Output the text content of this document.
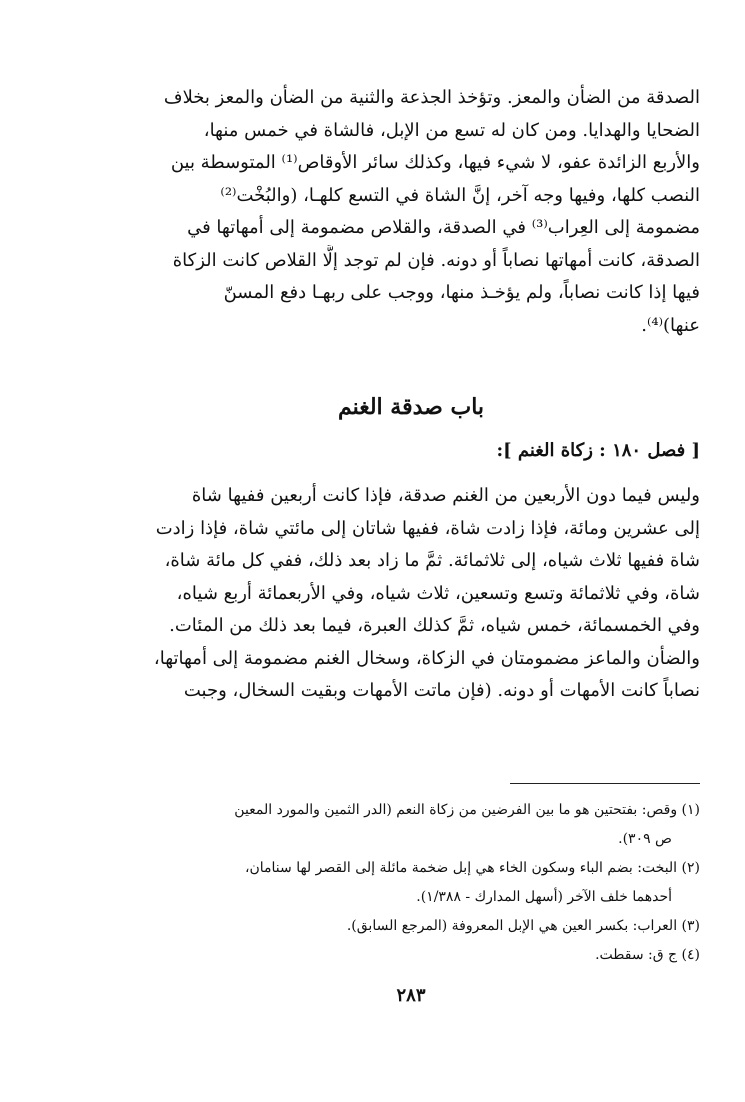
الصدقة من الضأن والمعز. وتؤخذ الجذعة والثنية من الضأن والمعز بخلاف
الضحايا والهدايا. ومن كان له تسع من الإبل، فالشاة في خمس منها،
والأربع الزائدة عفو، لا شيء فيها، وكذلك سائر الأوقاص⁽¹⁾ المتوسطة بين
النصب كلها، وفيها وجه آخر، إنَّ الشاة في التسع كلهـا، (والبُخْت⁽²⁾
مضمومة إلى العِراب⁽³⁾ في الصدقة، والقلاص مضمومة إلى أمهاتها في
الصدقة، كانت أمهاتها نصاباً أو دونه. فإن لم توجد إلَّا القلاص كانت الزكاة
فيها إذا كانت نصاباً، ولم يؤخـذ منها، ووجب على ربهـا دفع المسنّ
عنها)⁽⁴⁾.
باب صدقة الغنم
[ فصل ١٨٠ : زكاة الغنم ]:
وليس فيما دون الأربعين من الغنم صدقة، فإذا كانت أربعين ففيها شاة
إلى عشرين ومائة، فإذا زادت شاة، ففيها شاتان إلى مائتي شاة، فإذا زادت
شاة ففيها ثلاث شياه، إلى ثلاثمائة. ثمَّ ما زاد بعد ذلك، ففي كل مائة شاة،
شاة، وفي ثلاثمائة وتسع وتسعين، ثلاث شياه، وفي الأربعمائة أربع شياه،
وفي الخمسمائة، خمس شياه، ثمَّ كذلك العبرة، فيما بعد ذلك من المئات.
والضأن والماعز مضمومتان في الزكاة، وسخال الغنم مضمومة إلى أمهاتها،
نصاباً كانت الأمهات أو دونه. (فإن ماتت الأمهات وبقيت السخال، وجبت
(١) وقص: بفتحتين هو ما بين الفرضين من زكاة النعم (الدر الثمين والمورد المعين
ص ٣٠٩).
(٢) البخت: بضم الباء وسكون الخاء هي إبل ضخمة مائلة إلى القصر لها سنامان،
أحدهما خلف الآخر (أسهل المدارك - ١/٣٨٨).
(٣) العراب: بكسر العين هي الإبل المعروفة (المرجع السابق).
(٤) ج ق: سقطت.
٢٨٣
